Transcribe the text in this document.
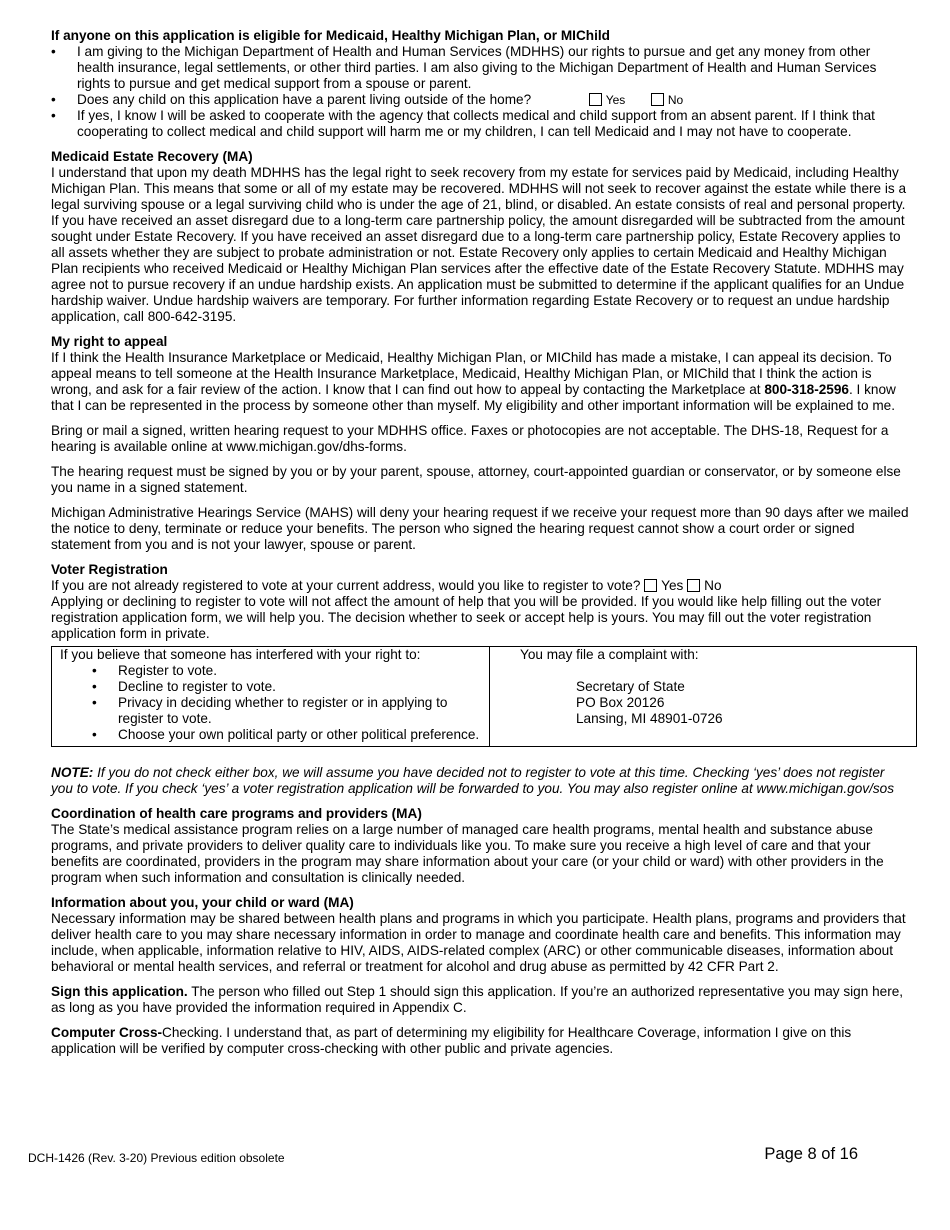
If anyone on this application is eligible for Medicaid, Healthy Michigan Plan, or MIChild
• I am giving to the Michigan Department of Health and Human Services (MDHHS) our rights to pursue and get any money from other health insurance, legal settlements, or other third parties. I am also giving to the Michigan Department of Health and Human Services rights to pursue and get medical support from a spouse or parent.
• Does any child on this application have a parent living outside of the home?	Yes	No
• If yes, I know I will be asked to cooperate with the agency that collects medical and child support from an absent parent. If I think that cooperating to collect medical and child support will harm me or my children, I can tell Medicaid and I may not have to cooperate.
Medicaid Estate Recovery (MA)

I understand that upon my death MDHHS has the legal right to seek recovery from my estate for services paid by Medicaid, including Healthy Michigan Plan. This means that some or all of my estate may be recovered. MDHHS will not seek to recover against the estate while there is a legal surviving spouse or a legal surviving child who is under the age of 21, blind, or disabled. An estate consists of real and personal property. If you have received an asset disregard due to a long-term care partnership policy, the amount disregarded will be subtracted from the amount sought under Estate Recovery. If you have received an asset disregard due to a long-term care partnership policy, Estate Recovery applies to all assets whether they are subject to probate administration or not. Estate Recovery only applies to certain Medicaid and Healthy Michigan Plan recipients who received Medicaid or Healthy Michigan Plan services after the effective date of the Estate Recovery Statute. MDHHS may agree not to pursue recovery if an undue hardship exists. An application must be submitted to determine if the applicant qualifies for an Undue hardship waiver. Undue hardship waivers are temporary. For further information regarding Estate Recovery or to request an undue hardship application, call 800-642-3195.

My right to appeal

If I think the Health Insurance Marketplace or Medicaid, Healthy Michigan Plan, or MIChild has made a mistake, I can appeal its decision. To appeal means to tell someone at the Health Insurance Marketplace, Medicaid, Healthy Michigan Plan, or MIChild that I think the action is wrong, and ask for a fair review of the action. I know that I can find out how to appeal by contacting the Marketplace at 800-318-2596. I know that I can be represented in the process by someone other than myself. My eligibility and other important information will be explained to me.

Bring or mail a signed, written hearing request to your MDHHS office. Faxes or photocopies are not acceptable. The DHS-18, Request for a hearing is available online at www.michigan.gov/dhs-forms.

The hearing request must be signed by you or by your parent, spouse, attorney, court-appointed guardian or conservator, or by someone else you name in a signed statement.

Michigan Administrative Hearings Service (MAHS) will deny your hearing request if we receive your request more than 90 days after we mailed the notice to deny, terminate or reduce your benefits. The person who signed the hearing request cannot show a court order or signed statement from you and is not your lawyer, spouse or parent.

Voter Registration

If you are not already registered to vote at your current address, would you like to register to vote? Yes No

Applying or declining to register to vote will not affect the amount of help that you will be provided. If you would like help filling out the voter registration application form, we will help you. The decision whether to seek or accept help is yours. You may fill out the voter registration application form in private.

If you believe that someone has interfered with your right to:

• Register to vote.
• Decline to register to vote.
• Privacy in deciding whether to register or in applying to register to vote.
• Choose your own political party or other political preference.

You may file a complaint with:

Secretary of State
PO Box 20126
Lansing, MI 48901-0726

NOTE: If you do not check either box, we will assume you have decided not to register to vote at this time. Checking ‘yes’ does not register you to vote. If you check ‘yes’ a voter registration application will be forwarded to you. You may also register online at www.michigan.gov/sos

Coordination of health care programs and providers (MA)

The State’s medical assistance program relies on a large number of managed care health programs, mental health and substance abuse programs, and private providers to deliver quality care to individuals like you. To make sure you receive a high level of care and that your benefits are coordinated, providers in the program may share information about your care (or your child or ward) with other providers in the program when such information and consultation is clinically needed.

Information about you, your child or ward (MA)

Necessary information may be shared between health plans and programs in which you participate. Health plans, programs and providers that deliver health care to you may share necessary information in order to manage and coordinate health care and benefits. This information may include, when applicable, information relative to HIV, AIDS, AIDS-related complex (ARC) or other communicable diseases, information about behavioral or mental health services, and referral or treatment for alcohol and drug abuse as permitted by 42 CFR Part 2.

Sign this application. The person who filled out Step 1 should sign this application. If you’re an authorized representative you may sign here, as long as you have provided the information required in Appendix C.

Computer Cross-Checking. I understand that, as part of determining my eligibility for Healthcare Coverage, information I give on this application will be verified by computer cross-checking with other public and private agencies.

DCH-1426 (Rev. 3-20) Previous edition obsolete	Page 8 of 16
